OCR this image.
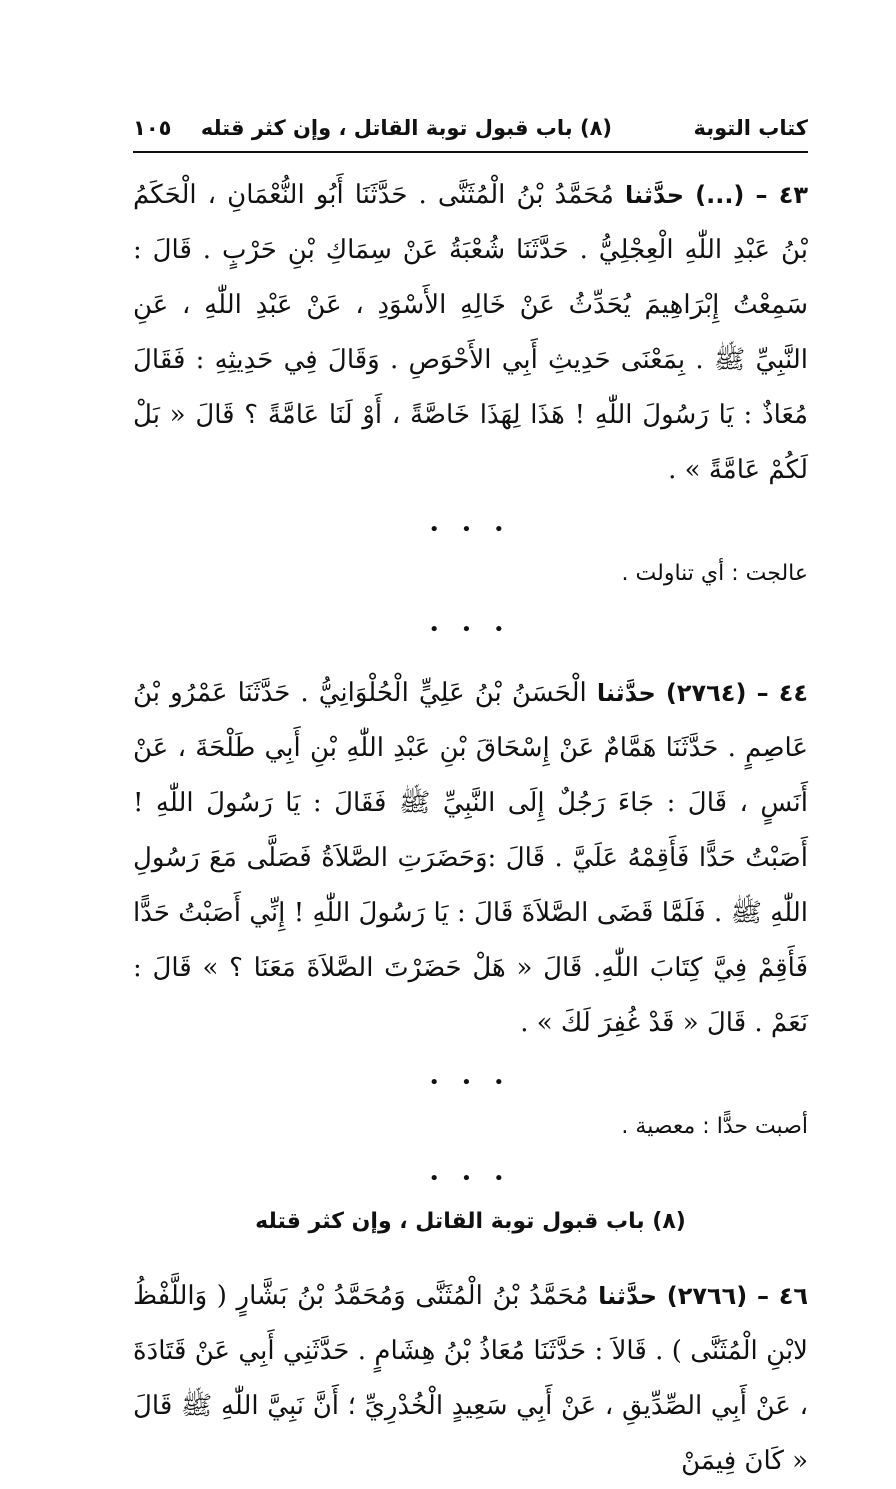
كتاب التوبة
(٨) باب قبول توبة القاتل ، وإن كثر قتله
١٠٥

٤٣ – (...) حدَّثنا مُحَمَّدُ بْنُ الْمُثَنَّى . حَدَّثَنَا أَبُو النُّعْمَانِ ، الْحَكَمُ بْنُ عَبْدِ اللّٰهِ الْعِجْلِيُّ . حَدَّثَنَا شُعْبَةُ عَنْ سِمَاكِ بْنِ حَرْبٍ . قَالَ : سَمِعْتُ إِبْرَاهِيمَ يُحَدِّثُ عَنْ خَالِهِ الأَسْوَدِ ، عَنْ عَبْدِ اللّٰهِ ، عَنِ النَّبِيِّ ﷺ . بِمَعْنَى حَدِيثِ أَبِي الأَحْوَصِ . وَقَالَ فِي حَدِيثِهِ : فَقَالَ مُعَاذٌ : يَا رَسُولَ اللّٰهِ ! هَذَا لِهَذَا خَاصَّةً ، أَوْ لَنَا عَامَّةً ؟ قَالَ « بَلْ لَكُمْ عَامَّةً » .

• • •

عالجت : أي تناولت .

• • •

٤٤ – (٢٧٦٤) حدَّثنا الْحَسَنُ بْنُ عَلِيٍّ الْحُلْوَانِيُّ . حَدَّثَنَا عَمْرُو بْنُ عَاصِمٍ . حَدَّثَنَا هَمَّامٌ عَنْ إِسْحَاقَ بْنِ عَبْدِ اللّٰهِ بْنِ أَبِي طَلْحَةَ ، عَنْ أَنَسٍ ، قَالَ : جَاءَ رَجُلٌ إِلَى النَّبِيِّ ﷺ فَقَالَ : يَا رَسُولَ اللّٰهِ ! أَصَبْتُ حَدًّا فَأَقِمْهُ عَلَيَّ . قَالَ :وَحَضَرَتِ الصَّلاَةُ فَصَلَّى مَعَ رَسُولِ اللّٰهِ ﷺ . فَلَمَّا قَضَى الصَّلاَةَ قَالَ : يَا رَسُولَ اللّٰهِ ! إِنِّي أَصَبْتُ حَدًّا فَأَقِمْ فِيَّ كِتَابَ اللّٰهِ. قَالَ « هَلْ حَضَرْتَ الصَّلاَةَ مَعَنَا ؟ » قَالَ : نَعَمْ . قَالَ « قَدْ غُفِرَ لَكَ » .

• • •

أصبت حدًّا : معصية .

• • •

(٨) باب قبول توبة القاتل ، وإن كثر قتله

٤٦ – (٢٧٦٦) حدَّثنا مُحَمَّدُ بْنُ الْمُثَنَّى وَمُحَمَّدُ بْنُ بَشَّارٍ ( وَاللَّفْظُ لابْنِ الْمُثَنَّى ) . قَالاَ : حَدَّثَنَا مُعَاذُ بْنُ هِشَامٍ . حَدَّثَنِي أَبِي عَنْ قَتَادَةَ ، عَنْ أَبِي الصِّدِّيقِ ، عَنْ أَبِي سَعِيدٍ الْخُدْرِيِّ ؛ أَنَّ نَبِيَّ اللّٰهِ ﷺ قَالَ « كَانَ فِيمَنْ
